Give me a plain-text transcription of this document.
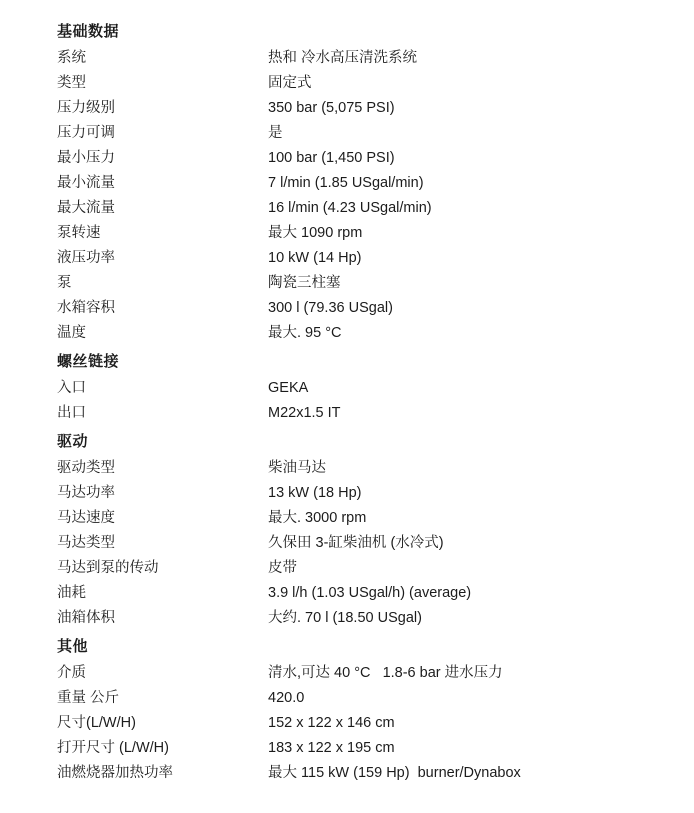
基础数据
系统	热和 冷水高压清洗系统
类型	固定式
压力级别	350 bar (5,075 PSI)
压力可调	是
最小压力	100 bar (1,450 PSI)
最小流量	7 l/min (1.85 USgal/min)
最大流量	16 l/min (4.23 USgal/min)
泵转速	最大 1090 rpm
液压功率	10 kW (14 Hp)
泵	陶瓷三柱塞
水箱容积	300 l (79.36 USgal)
温度	最大. 95 °C
螺丝链接
入口	GEKA
出口	M22x1.5 IT
驱动
驱动类型	柴油马达
马达功率	13 kW (18 Hp)
马达速度	最大. 3000 rpm
马达类型	久保田 3-缸柴油机 (水冷式)
马达到泵的传动	皮带
油耗	3.9 l/h (1.03 USgal/h) (average)
油箱体积	大约. 70 l (18.50 USgal)
其他
介质	清水,可达 40 °C   1.8-6 bar 进水压力
重量 公斤	420.0
尺寸(L/W/H)	152 x 122 x 146 cm
打开尺寸 (L/W/H)	183 x 122 x 195 cm
油燃烧器加热功率	最大 115 kW (159 Hp)  burner/Dynabox
